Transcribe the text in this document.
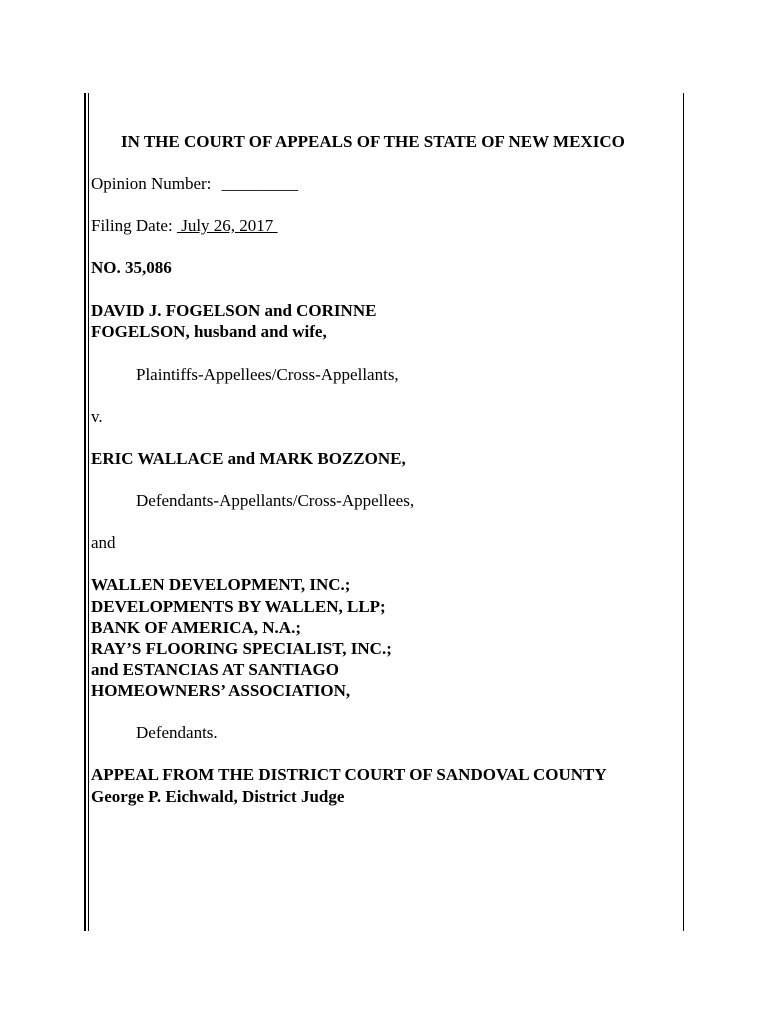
IN THE COURT OF APPEALS OF THE STATE OF NEW MEXICO
Opinion Number: _________
Filing Date:  July 26, 2017
NO. 35,086
DAVID J. FOGELSON and CORINNE
FOGELSON, husband and wife,
Plaintiffs-Appellees/Cross-Appellants,
v.
ERIC WALLACE and MARK BOZZONE,
Defendants-Appellants/Cross-Appellees,
and
WALLEN DEVELOPMENT, INC.;
DEVELOPMENTS BY WALLEN, LLP;
BANK OF AMERICA, N.A.;
RAY’S FLOORING SPECIALIST, INC.;
and ESTANCIAS AT SANTIAGO
HOMEOWNERS’ ASSOCIATION,
Defendants.
APPEAL FROM THE DISTRICT COURT OF SANDOVAL COUNTY
George P. Eichwald, District Judge
